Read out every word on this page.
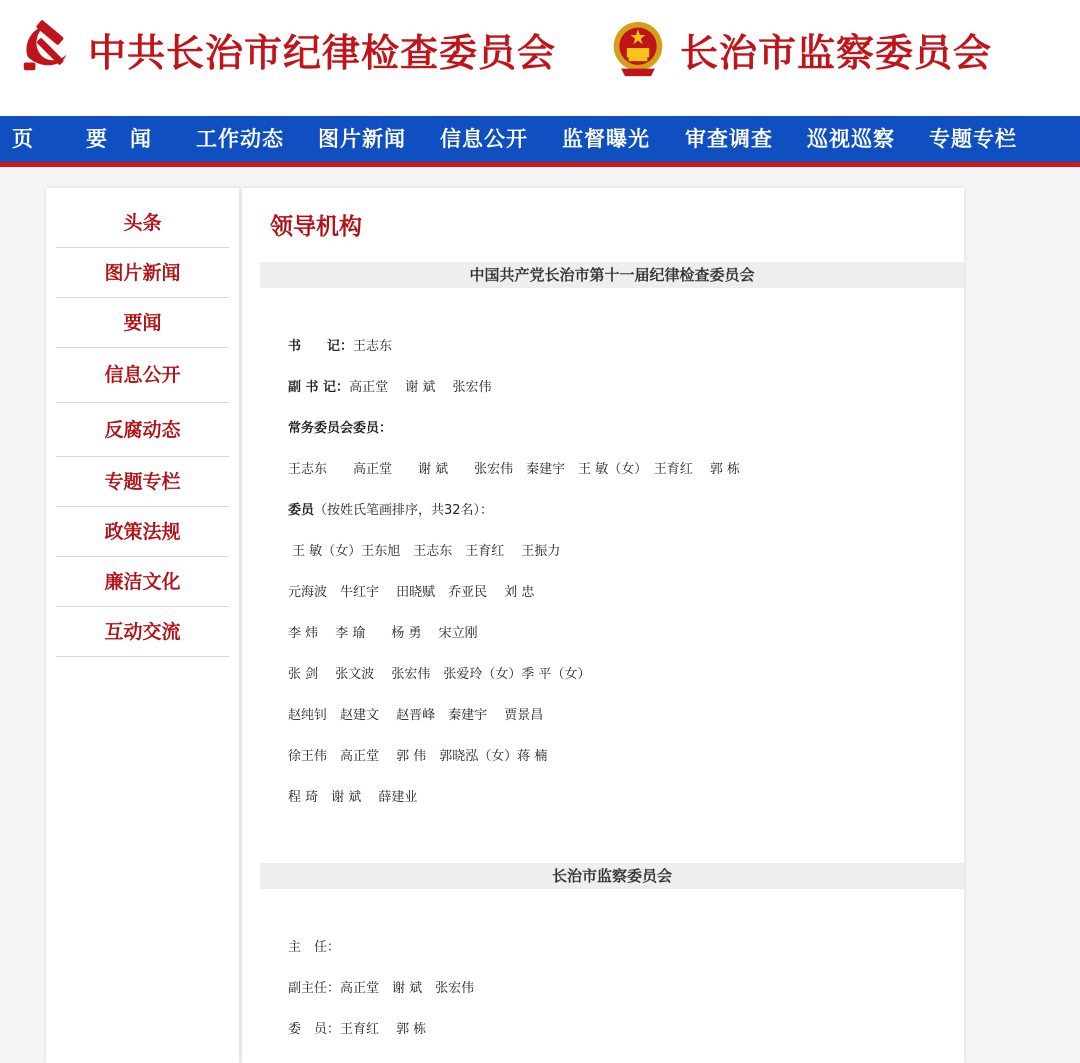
中共长治市纪律检查委员会	长治市监察委员会
页 要　闻 工作动态 图片新闻 信息公开 监督曝光 审查调查 巡视巡察 专题专栏
头条
图片新闻
要闻
信息公开
反腐动态
专题专栏
政策法规
廉洁文化
互动交流
领导机构
中国共产党长治市第十一届纪律检查委员会
书　　记：王志东
副 书 记：高正堂　 谢 斌　 张宏伟
常务委员会委员：
王志东　　高正堂　　谢 斌　　张宏伟　秦建宇　王 敏（女）　王育红　 郭 栋
委员（按姓氏笔画排序，共32名）：
王 敏（女）王东旭　王志东　王育红　 王振力
元海波　牛红宇　 田晓赋　乔亚民　 刘 忠
李 炜　 李 瑜　　杨 勇　 宋立刚
张 剑　 张文波　 张宏伟　张爱玲（女）季 平（女）
赵纯钊　赵建文　 赵晋峰　秦建宇　 贾景昌
徐王伟　高正堂　 郭 伟　郭晓泓（女）蒋 楠
程 琦　谢 斌　 薛建业
长治市监察委员会
主　任：
副主任：高正堂　谢 斌　张宏伟
委　员：王育红　 郭 栋
